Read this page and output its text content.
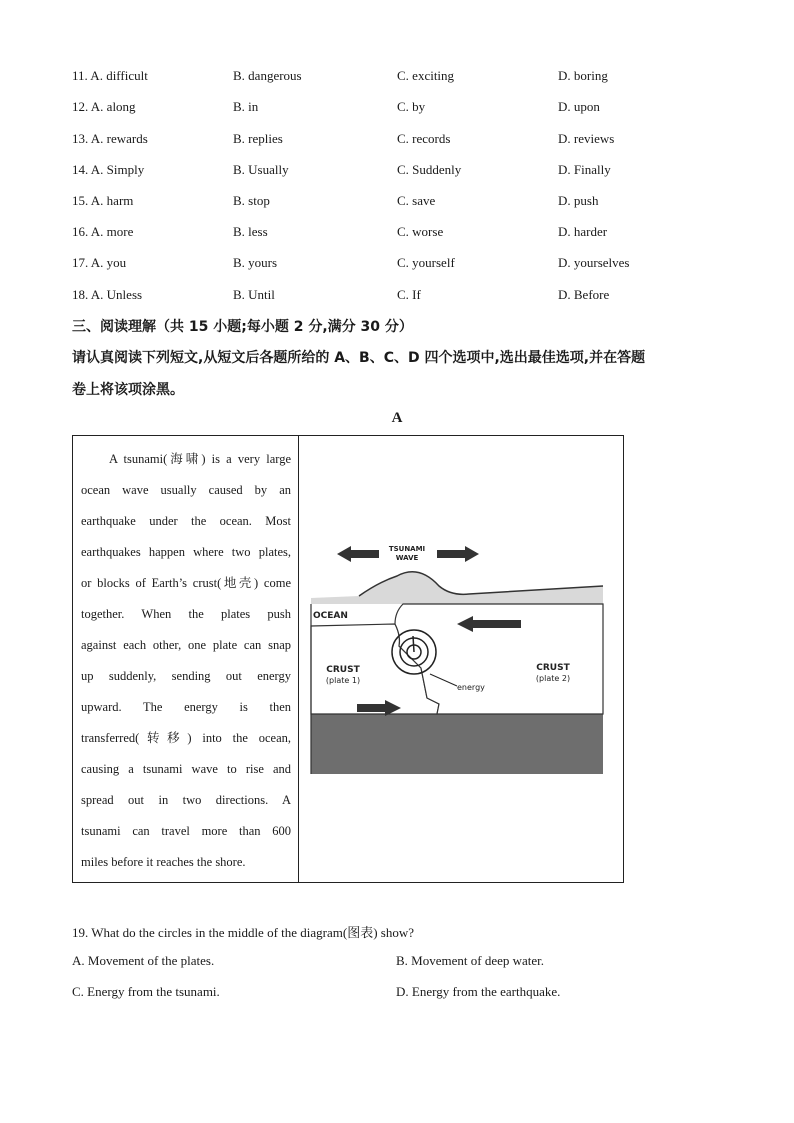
11. A. difficult	B. dangerous	C. exciting	D. boring
12. A. along	B. in	C. by	D. upon
13. A. rewards	B. replies	C. records	D. reviews
14. A. Simply	B. Usually	C. Suddenly	D. Finally
15. A. harm	B. stop	C. save	D. push
16. A. more	B. less	C. worse	D. harder
17. A. you	B. yours	C. yourself	D. yourselves
18. A. Unless	B. Until	C. If	D. Before
三、阅读理解（共 15 小题;每小题 2 分,满分 30 分）
请认真阅读下列短文,从短文后各题所给的 A、B、C、D 四个选项中,选出最佳选项,并在答题
卷上将该项涂黑。
A
A tsunami(海啸) is a very large
ocean wave usually caused by an
earthquake under the ocean. Most
earthquakes happen where two plates,
or blocks of Earth’s crust(地壳) come
together. When the plates push
against each other, one plate can snap
up suddenly, sending out energy
upward. The energy is then
transferred(转移) into the ocean,
causing a tsunami wave to rise and
spread out in two directions. A
tsunami can travel more than 600
miles before it reaches the shore.
TSUNAMI
WAVE
OCEAN
CRUST
(plate 1)
CRUST
(plate 2)
energy
19. What do the circles in the middle of the diagram(图表) show?
A. Movement of the plates.	B. Movement of deep water.
C. Energy from the tsunami.	D. Energy from the earthquake.
